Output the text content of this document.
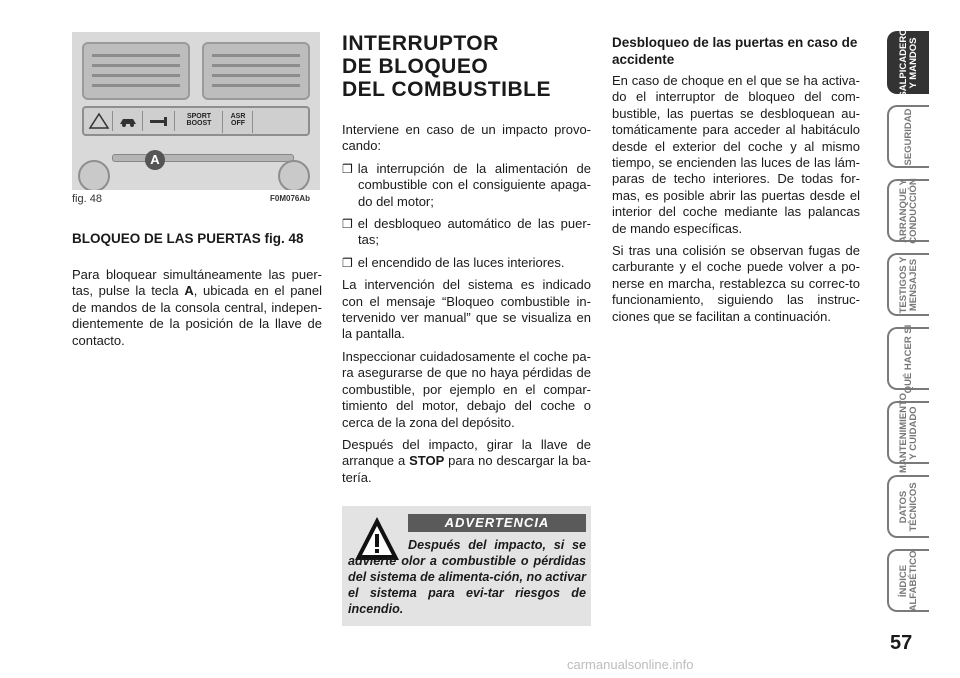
SPORT
BOOST
ASR
OFF
A
fig. 48	F0M076Ab
BLOQUEO DE LAS PUERTAS fig. 48
Para bloquear simultáneamente las puer-tas, pulse la tecla A, ubicada en el panel de mandos de la consola central, indepen-dientemente de la posición de la llave de contacto.
INTERRUPTOR
DE BLOQUEO
DEL COMBUSTIBLE

Interviene en caso de un impacto provo-cando:

❒ la interrupción de la alimentación de combustible con el consiguiente apaga-do del motor;

❒ el desbloqueo automático de las puer-tas;

❒ el encendido de las luces interiores.

La intervención del sistema es indicado con el mensaje “Bloqueo combustible in-tervenido ver manual” que se visualiza en la pantalla.

Inspeccionar cuidadosamente el coche pa-ra asegurarse de que no haya pérdidas de combustible, por ejemplo en el compar-timiento del motor, debajo del coche o cerca de la zona del depósito.

Después del impacto, girar la llave de arranque a STOP para no descargar la ba-tería.

ADVERTENCIA
Después del impacto, si se advierte olor a combustible o pérdidas del sistema de alimenta-ción, no activar el sistema para evi-tar riesgos de incendio.
Desbloqueo de las puertas en caso de accidente

En caso de choque en el que se ha activa-do el interruptor de bloqueo del com-bustible, las puertas se desbloquean au-tomáticamente para acceder al habitáculo desde el exterior del coche y al mismo tiempo, se encienden las luces de las lám-paras de techo interiores. De todas for-mas, es posible abrir las puertas desde el interior del coche mediante las palancas de mando específicas.

Si tras una colisión se observan fugas de carburante y el coche puede volver a po-nerse en marcha, restablezca su correc-to funcionamiento, siguiendo las instruc-ciones que se facilitan a continuación.

SALPICADERO
Y MANDOS
SEGURIDAD
ARRANQUE Y
CONDUCCIÓN
TESTIGOS Y
MENSAJES
QUÉ HACER SI
MANTENIMIENTO
Y CUIDADO
DATOS
TÉCNICOS
ÍNDICE
ALFABÉTICO
57
carmanualsonline.info
